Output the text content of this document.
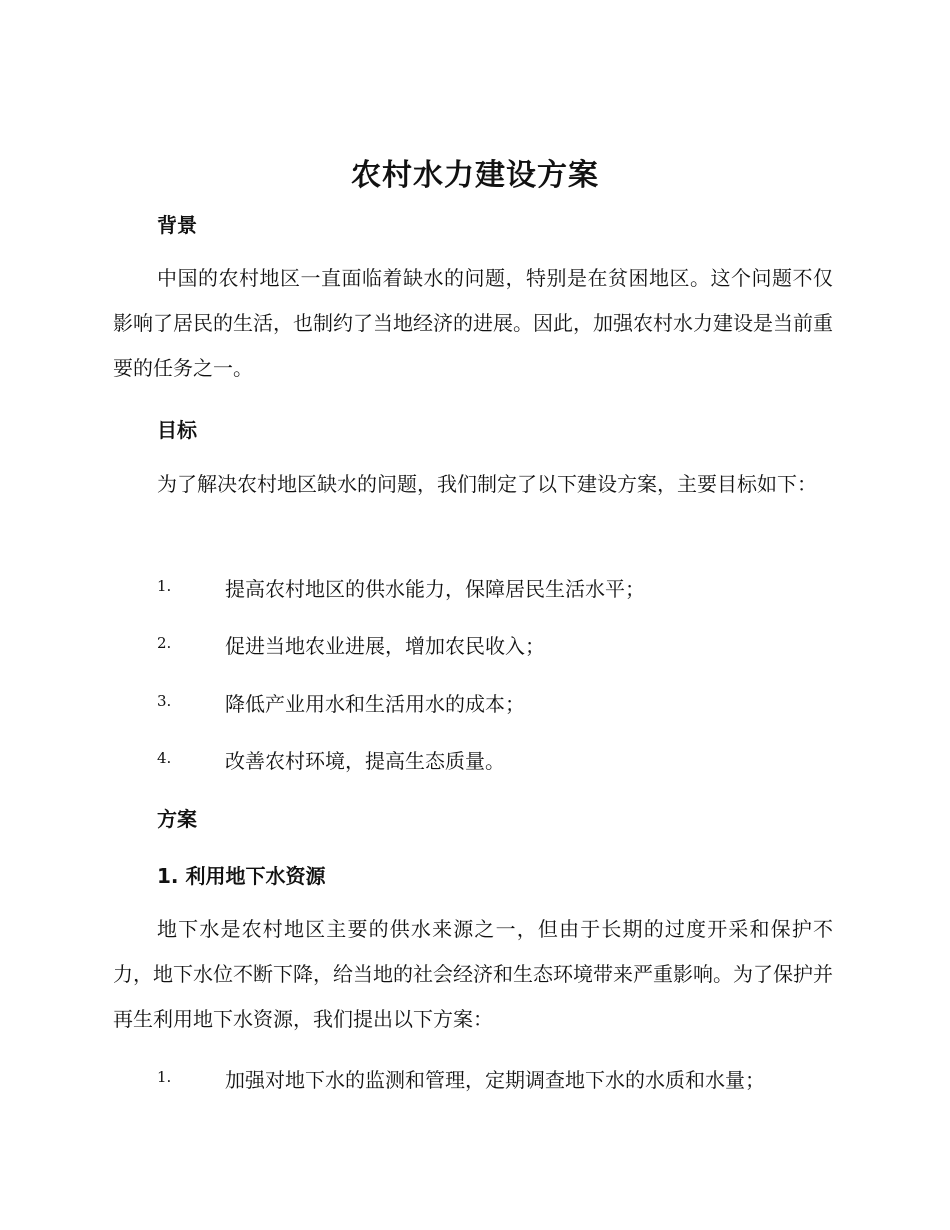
农村水力建设方案
背景

中国的农村地区一直面临着缺水的问题，特别是在贫困地区。这个问题不仅影响了居民的生活，也制约了当地经济的进展。因此，加强农村水力建设是当前重要的任务之一。

目标

为了解决农村地区缺水的问题，我们制定了以下建设方案，主要目标如下：

1.	提高农村地区的供水能力，保障居民生活水平；
2.	促进当地农业进展，增加农民收入；
3.	降低产业用水和生活用水的成本；
4.	改善农村环境，提高生态质量。
方案
1. 利用地下水资源

地下水是农村地区主要的供水来源之一，但由于长期的过度开采和保护不力，地下水位不断下降，给当地的社会经济和生态环境带来严重影响。为了保护并再生利用地下水资源，我们提出以下方案：

1.	加强对地下水的监测和管理，定期调查地下水的水质和水量；
